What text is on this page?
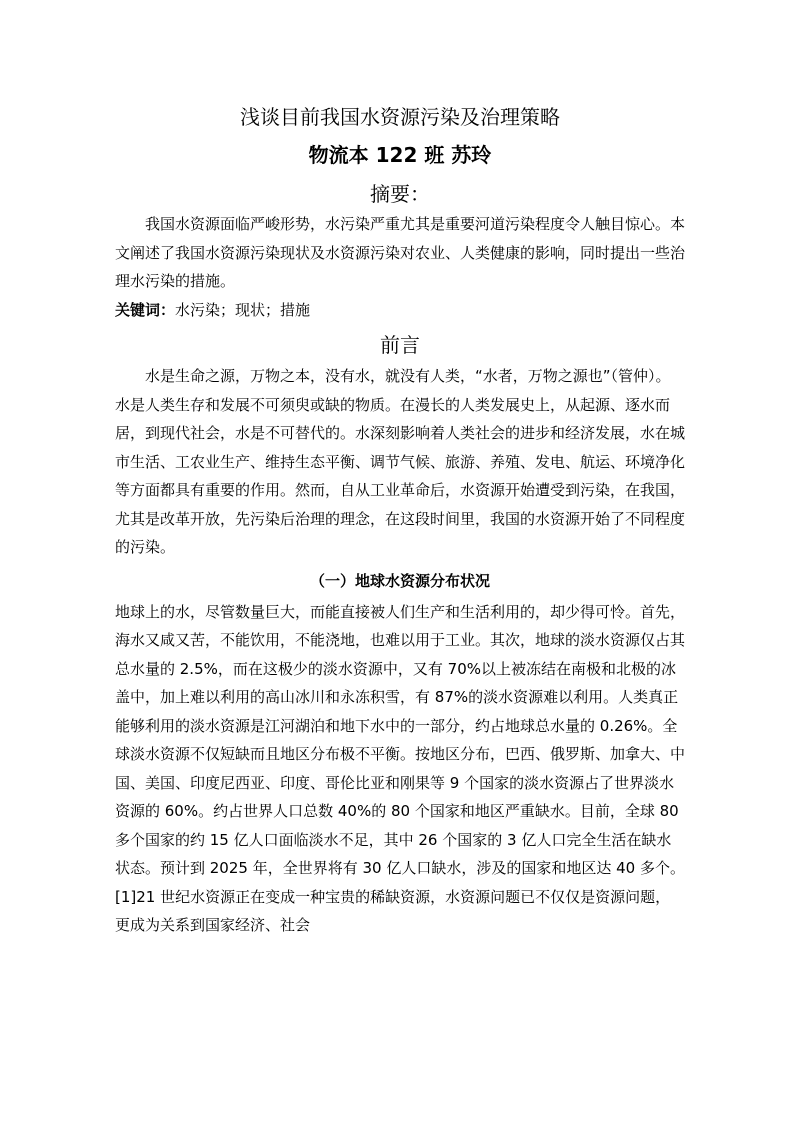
浅谈目前我国水资源污染及治理策略
物流本 122 班 苏玲
摘要：

我国水资源面临严峻形势，水污染严重尤其是重要河道污染程度令人触目惊心。本文阐述了我国水资源污染现状及水资源污染对农业、人类健康的影响，同时提出一些治理水污染的措施。

关键词：水污染；现状；措施
前言

水是生命之源，万物之本，没有水，就没有人类，“水者，万物之源也”（管仲）。水是人类生存和发展不可须臾或缺的物质。在漫长的人类发展史上，从起源、逐水而居，到现代社会，水是不可替代的。水深刻影响着人类社会的进步和经济发展，水在城市生活、工农业生产、维持生态平衡、调节气候、旅游、养殖、发电、航运、环境净化等方面都具有重要的作用。然而，自从工业革命后，水资源开始遭受到污染，在我国，尤其是改革开放，先污染后治理的理念，在这段时间里，我国的水资源开始了不同程度的污染。

（一）地球水资源分布状况

地球上的水，尽管数量巨大，而能直接被人们生产和生活利用的，却少得可怜。首先，海水又咸又苦，不能饮用，不能浇地，也难以用于工业。其次，地球的淡水资源仅占其总水量的 2.5%，而在这极少的淡水资源中，又有 70%以上被冻结在南极和北极的冰盖中，加上难以利用的高山冰川和永冻积雪，有 87%的淡水资源难以利用。人类真正能够利用的淡水资源是江河湖泊和地下水中的一部分，约占地球总水量的 0.26%。全球淡水资源不仅短缺而且地区分布极不平衡。按地区分布，巴西、俄罗斯、加拿大、中国、美国、印度尼西亚、印度、哥伦比亚和刚果等 9 个国家的淡水资源占了世界淡水资源的 60%。约占世界人口总数 40%的 80 个国家和地区严重缺水。目前，全球 80 多个国家的约 15 亿人口面临淡水不足，其中 26 个国家的 3 亿人口完全生活在缺水状态。预计到 2025 年，全世界将有 30 亿人口缺水，涉及的国家和地区达 40 多个。[1]21 世纪水资源正在变成一种宝贵的稀缺资源，水资源问题已不仅仅是资源问题，更成为关系到国家经济、社会
